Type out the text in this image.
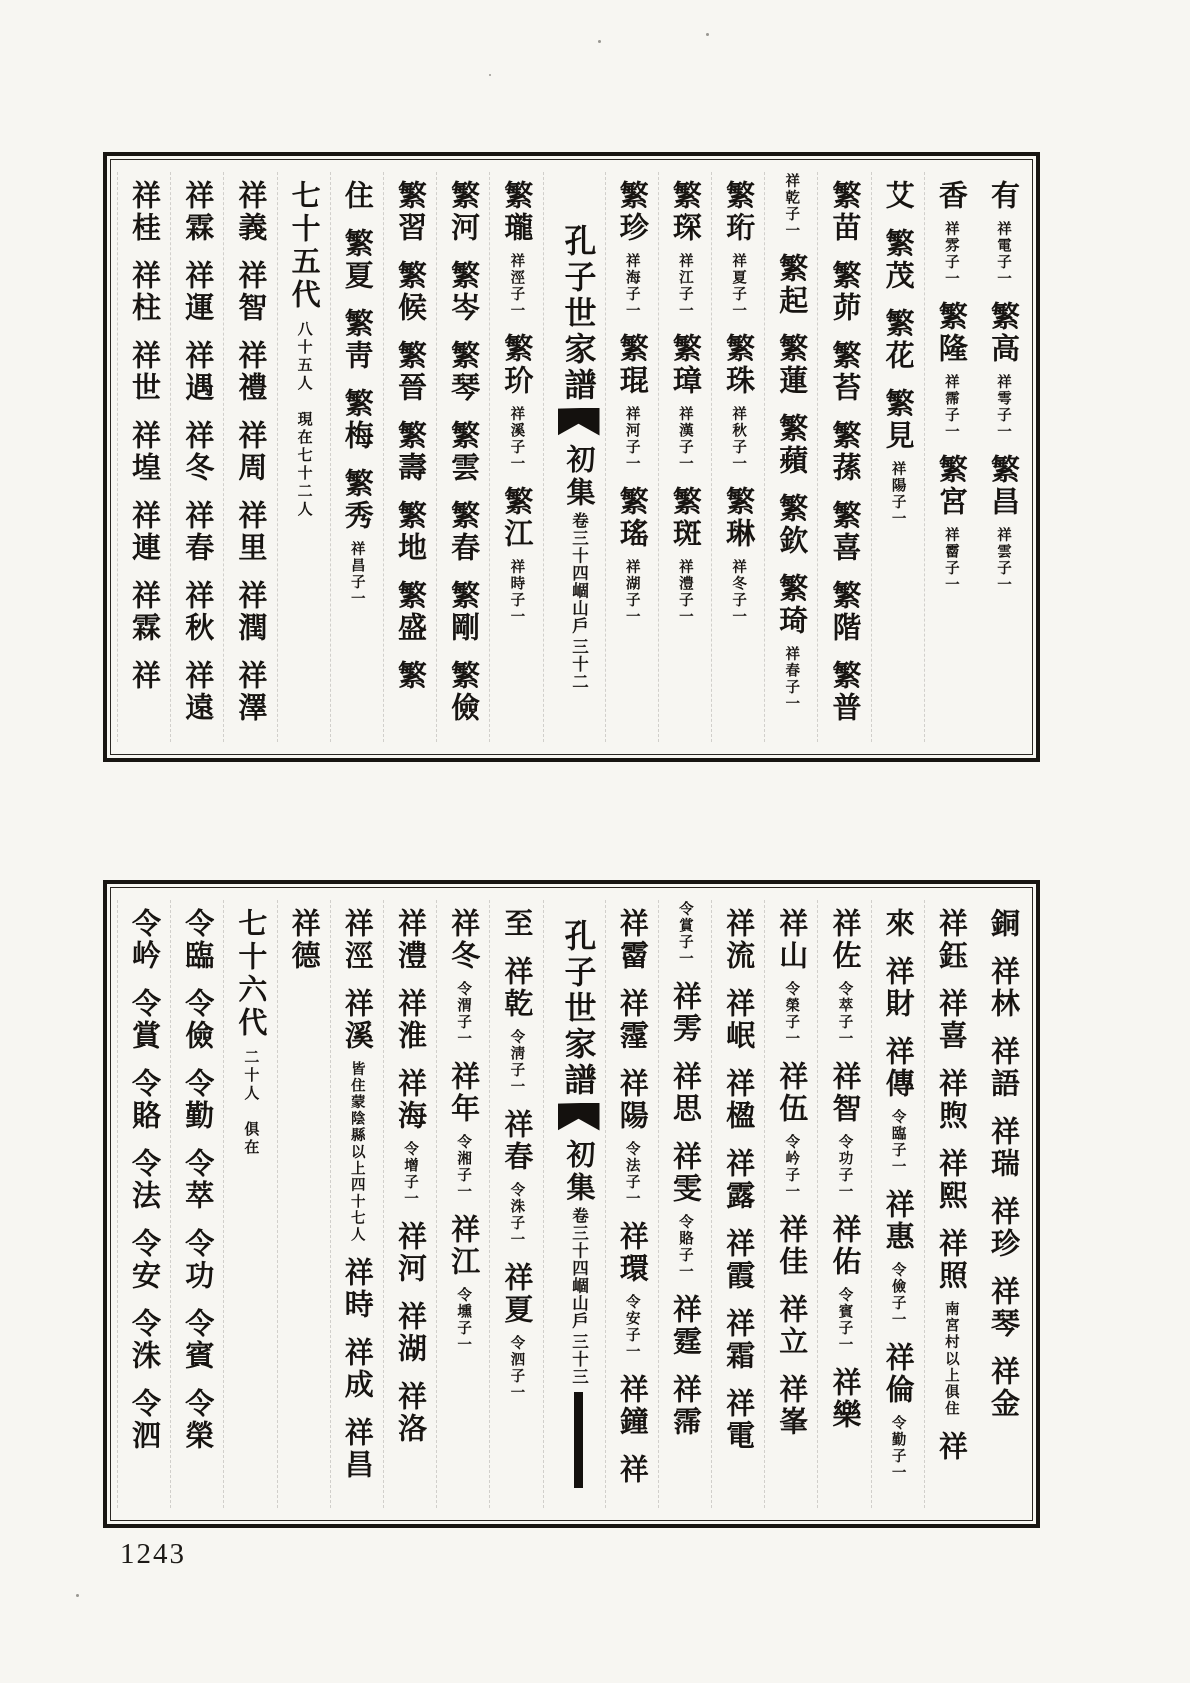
有
子一
祥電
繁高
子一
祥雩
繁昌
子一
祥雲
香
子一
祥雰
繁隆
子一
祥霈
繁宮
子一
祥霤
艾繁茂繁花繁見
子一
祥陽
繁苗繁茆繁苔繁蓀繁喜繁階繁普
子一
祥乾
繁起繁蓮繁蘋繁欽繁琦
子一
祥春
繁珩
子一
祥夏
繁珠
子一
祥秋
繁琳
子一
祥冬
繁琛
子一
祥江
繁璋
子一
祥漢
繁斑
子一
祥澧
繁珍
子一
祥海
繁琨
子一
祥河
繁瑤
子一
祥湖
孔子世家譜初集卷三十四崓山戶三十二
繁瓏
子一
祥涇
繁玠
子一
祥溪
繁江
子一
祥時
繁河繁岑繁琴繁雲繁春繁剛繁儉
繁習繁候繁晉繁壽繁地繁盛繁
住繁夏繁靑繁梅繁秀
子一
祥昌
七十五代
八十五人　現在七十二人
祥義祥智祥禮祥周祥里祥潤祥澤
祥霖祥運祥遇祥冬祥春祥秋祥遠
祥桂祥柱祥世祥堭祥連祥霖祥
銅祥林祥語祥瑞祥珍祥琴祥金
祥鈺祥喜祥煦祥熙祥照
以上俱住
南宮村
祥
來祥財祥傳
子一
令臨
祥惠
子一
令儉
祥倫
子一
令勤
祥佐
子一
令萃
祥智
子一
令功
祥佑
子一
令賓
祥樂
祥山
子一
令榮
祥伍
子一
令岒
祥佳祥立祥峯
祥流祥岷祥楹祥露祥霞祥霜祥電
子一
令賞
祥雱祥思祥雯
子一
令賂
祥霆祥霈
祥霤祥霪祥陽
子一
令法
祥環
子一
令安
祥鐘祥
孔子世家譜初集卷三十四崓山戶三十三
至祥乾
子一
令淸
祥春
子一
令洙
祥夏
子一
令泗
祥冬
子一
令渭
祥年
子一
令湘
祥江
子一
令壎
祥澧祥淮祥海
子一
令增
祥河祥湖祥洛
祥涇祥溪
以上四十七人
皆住蒙陰縣
祥時祥成祥昌
祥德
七十六代
二十人　俱在
令臨令儉令勤令萃令功令賓令榮
令岒令賞令賂令法令安令洙令泗
1243
